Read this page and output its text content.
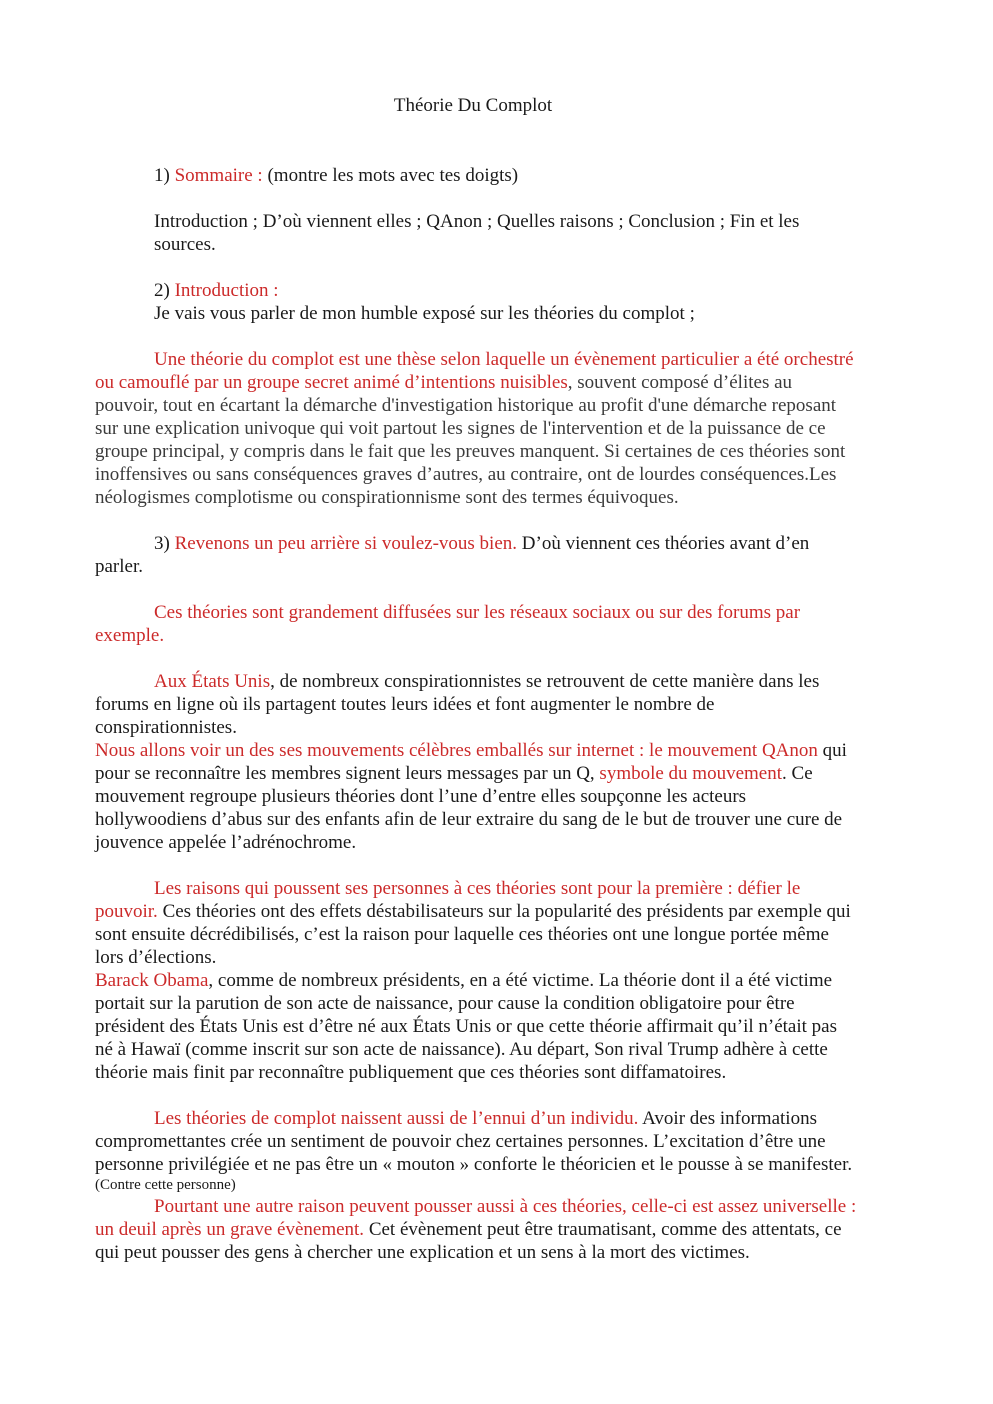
Théorie Du Complot
1) Sommaire : (montre les mots avec tes doigts)
Introduction ; D’où viennent elles ; QAnon ; Quelles raisons ; Conclusion ; Fin et les
sources.
2) Introduction :
Je vais vous parler de mon humble exposé sur les théories du complot ;
Une théorie du complot est une thèse selon laquelle un évènement particulier a été orchestré
ou camouflé par un groupe secret animé d’intentions nuisibles, souvent composé d’élites au
pouvoir, tout en écartant la démarche d'investigation historique au profit d'une démarche reposant
sur une explication univoque qui voit partout les signes de l'intervention et de la puissance de ce
groupe principal, y compris dans le fait que les preuves manquent. Si certaines de ces théories sont
inoffensives ou sans conséquences graves d’autres, au contraire, ont de lourdes conséquences.Les
néologismes complotisme ou conspirationnisme sont des termes équivoques.
3) Revenons un peu arrière si voulez-vous bien. D’où viennent ces théories avant d’en
parler.
Ces théories sont grandement diffusées sur les réseaux sociaux ou sur des forums par
exemple.
Aux États Unis, de nombreux conspirationnistes se retrouvent de cette manière dans les
forums en ligne où ils partagent toutes leurs idées et font augmenter le nombre de
conspirationnistes.
Nous allons voir un des ses mouvements célèbres emballés sur internet : le mouvement QAnon qui
pour se reconnaître les membres signent leurs messages par un Q, symbole du mouvement. Ce
mouvement regroupe plusieurs théories dont l’une d’entre elles soupçonne les acteurs
hollywoodiens d’abus sur des enfants afin de leur extraire du sang de le but de trouver une cure de
jouvence appelée l’adrénochrome.
Les raisons qui poussent ses personnes à ces théories sont pour la première : défier le
pouvoir. Ces théories ont des effets déstabilisateurs sur la popularité des présidents par exemple qui
sont ensuite décrédibilisés, c’est la raison pour laquelle ces théories ont une longue portée même
lors d’élections.
Barack Obama, comme de nombreux présidents, en a été victime. La théorie dont il a été victime
portait sur la parution de son acte de naissance, pour cause la condition obligatoire pour être
président des États Unis est d’être né aux États Unis or que cette théorie affirmait qu’il n’était pas
né à Hawaï (comme inscrit sur son acte de naissance). Au départ, Son rival Trump adhère à cette
théorie mais finit par reconnaître publiquement que ces théories sont diffamatoires.
Les théories de complot naissent aussi de l’ennui d’un individu. Avoir des informations
compromettantes crée un sentiment de pouvoir chez certaines personnes. L’excitation d’être une
personne privilégiée et ne pas être un « mouton » conforte le théoricien et le pousse à se manifester.
(Contre cette personne)
Pourtant une autre raison peuvent pousser aussi à ces théories, celle-ci est assez universelle :
un deuil après un grave évènement. Cet évènement peut être traumatisant, comme des attentats, ce
qui peut pousser des gens à chercher une explication et un sens à la mort des victimes.
